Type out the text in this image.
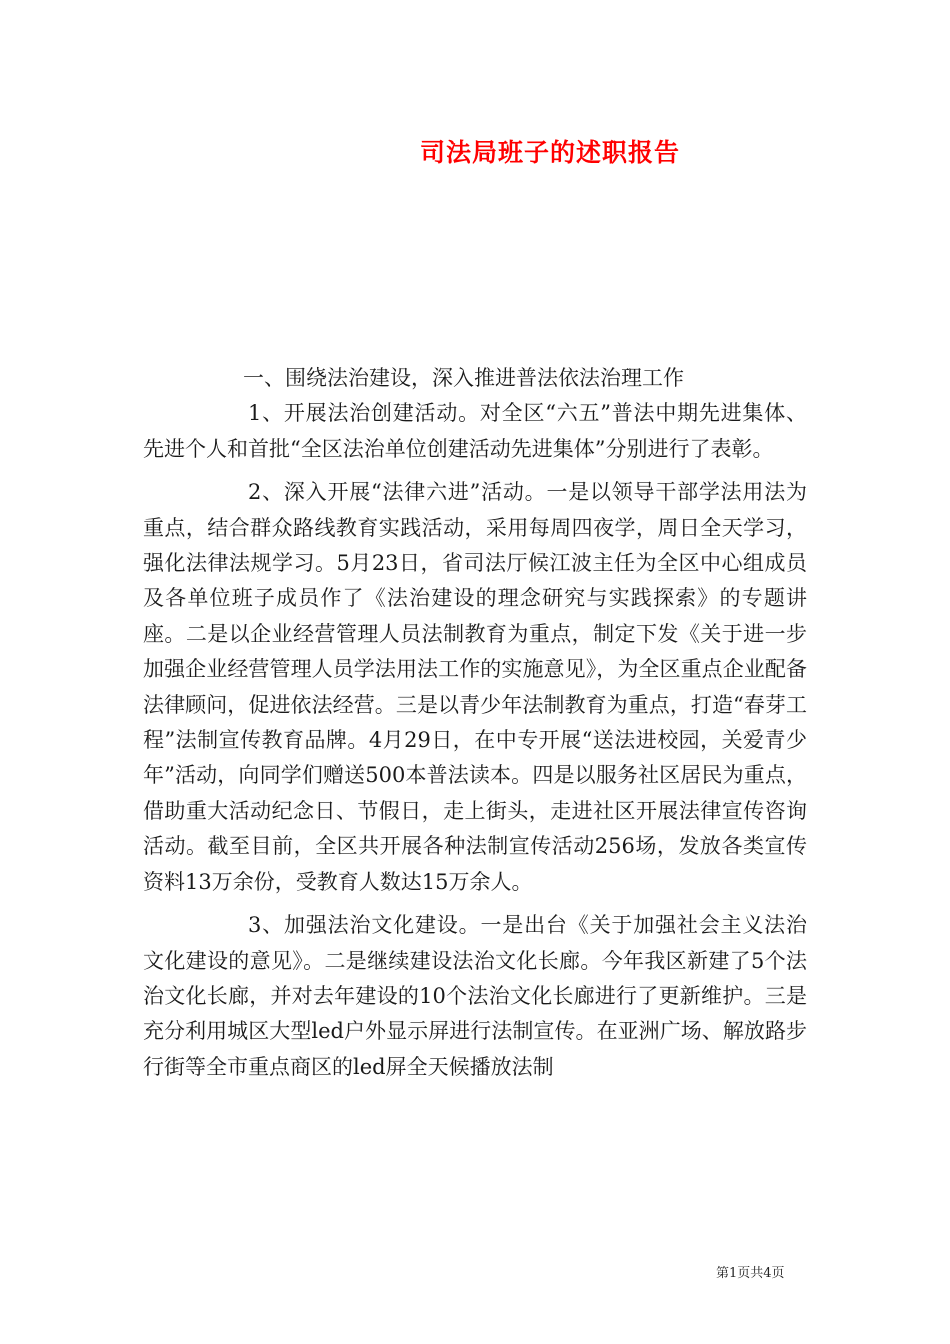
司法局班子的述职报告

一、围绕法治建设，深入推进普法依法治理工作

1、开展法治创建活动。对全区“六五”普法中期先进集体、先进个人和首批“全区法治单位创建活动先进集体”分别进行了表彰。

2、深入开展“法律六进”活动。一是以领导干部学法用法为重点，结合群众路线教育实践活动，采用每周四夜学，周日全天学习，强化法律法规学习。5月23日，省司法厅候江波主任为全区中心组成员及各单位班子成员作了《法治建设的理念研究与实践探索》的专题讲座。二是以企业经营管理人员法制教育为重点，制定下发《关于进一步加强企业经营管理人员学法用法工作的实施意见》，为全区重点企业配备法律顾问，促进依法经营。三是以青少年法制教育为重点，打造“春芽工程”法制宣传教育品牌。4月29日，在中专开展“送法进校园，关爱青少年”活动，向同学们赠送500本普法读本。四是以服务社区居民为重点，借助重大活动纪念日、节假日，走上街头，走进社区开展法律宣传咨询活动。截至目前，全区共开展各种法制宣传活动256场，发放各类宣传资料13万余份，受教育人数达15万余人。

3、加强法治文化建设。一是出台《关于加强社会主义法治文化建设的意见》。二是继续建设法治文化长廊。今年我区新建了5个法治文化长廊，并对去年建设的10个法治文化长廊进行了更新维护。三是充分利用城区大型led户外显示屏进行法制宣传。在亚洲广场、解放路步行街等全市重点商区的led屏全天候播放法制

第1页共4页
